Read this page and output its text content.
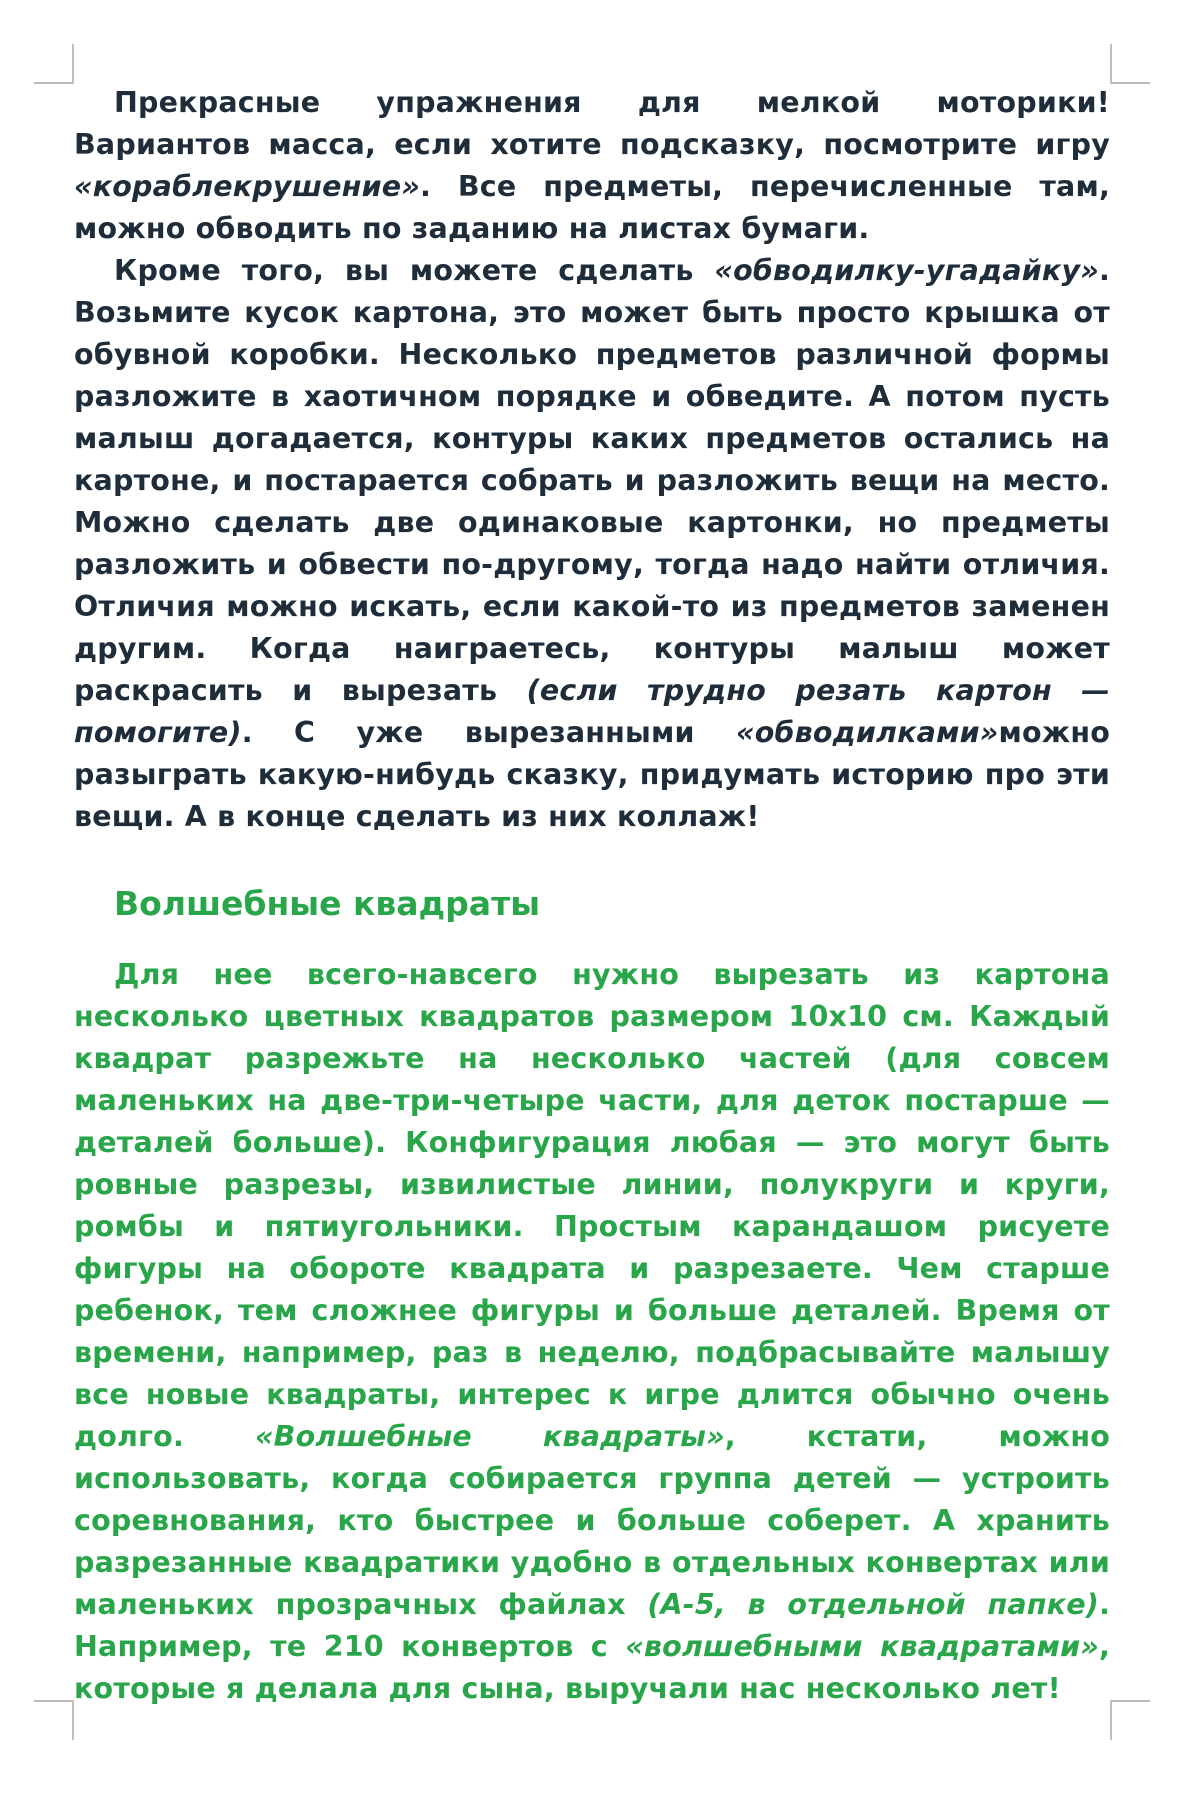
Прекрасные упражнения для мелкой моторики! Вариантов масса, если хотите подсказку, посмотрите игру «кораблекрушение». Все предметы, перечисленные там, можно обводить по заданию на листах бумаги.

Кроме того, вы можете сделать «обводилку-угадайку». Возьмите кусок картона, это может быть просто крышка от обувной коробки. Несколько предметов различной формы разложите в хаотичном порядке и обведите. А потом пусть малыш догадается, контуры каких предметов остались на картоне, и постарается собрать и разложить вещи на место. Можно сделать две одинаковые картонки, но предметы разложить и обвести по-другому, тогда надо найти отличия. Отличия можно искать, если какой-то из предметов заменен другим. Когда наиграетесь, контуры малыш может раскрасить и вырезать (если трудно резать картон — помогите). С уже вырезанными «обводилками»можно разыграть какую-нибудь сказку, придумать историю про эти вещи. А в конце сделать из них коллаж!

Волшебные квадраты

Для нее всего-навсего нужно вырезать из картона несколько цветных квадратов размером 10х10 см. Каждый квадрат разрежьте на несколько частей (для совсем маленьких на две-три-четыре части, для деток постарше — деталей больше). Конфигурация любая — это могут быть ровные разрезы, извилистые линии, полукруги и круги, ромбы и пятиугольники. Простым карандашом рисуете фигуры на обороте квадрата и разрезаете. Чем старше ребенок, тем сложнее фигуры и больше деталей. Время от времени, например, раз в неделю, подбрасывайте малышу все новые квадраты, интерес к игре длится обычно очень долго. «Волшебные квадраты», кстати, можно использовать, когда собирается группа детей — устроить соревнования, кто быстрее и больше соберет. А хранить разрезанные квадратики удобно в отдельных конвертах или маленьких прозрачных файлах (А-5, в отдельной папке). Например, те 210 конвертов с «волшебными квадратами», которые я делала для сына, выручали нас несколько лет!
